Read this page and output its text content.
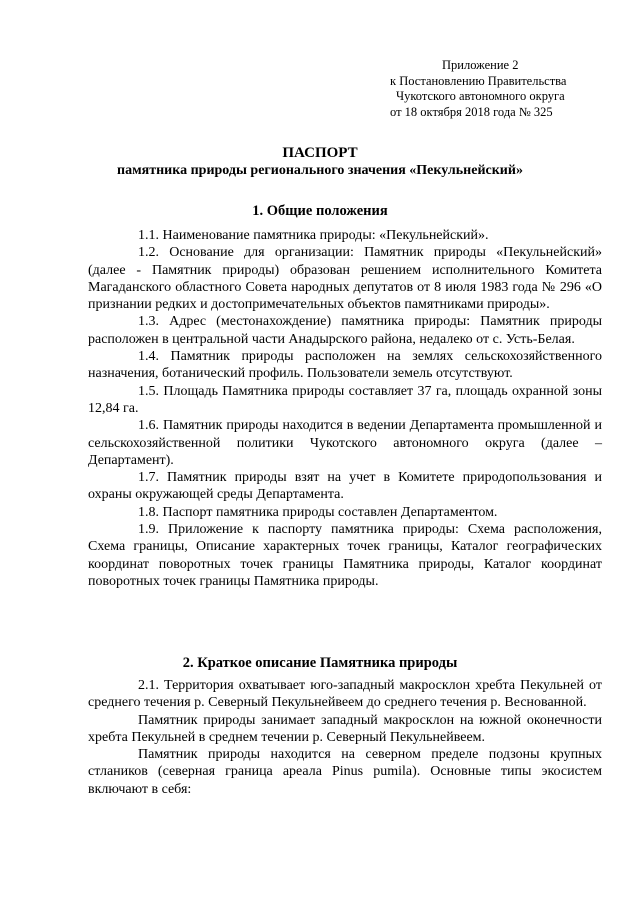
Приложение 2
к Постановлению Правительства
Чукотского автономного округа
от 18 октября 2018 года № 325
ПАСПОРТ
памятника природы регионального значения «Пекульнейский»
1. Общие положения

1.1. Наименование памятника природы: «Пекульнейский».

1.2. Основание для организации: Памятник природы «Пекульнейский» (далее - Памятник природы) образован решением исполнительного Комитета Магаданского областного Совета народных депутатов от 8 июля 1983 года № 296 «О признании редких и достопримечательных объектов памятниками природы».

1.3. Адрес (местонахождение) памятника природы: Памятник природы расположен в центральной части Анадырского района, недалеко от с. Усть-Белая.

1.4. Памятник природы расположен на землях сельскохозяйственного назначения, ботанический профиль. Пользователи земель отсутствуют.

1.5. Площадь Памятника природы составляет 37 га, площадь охранной зоны 12,84 га.

1.6. Памятник природы находится в ведении Департамента промышленной и сельскохозяйственной политики Чукотского автономного округа (далее – Департамент).

1.7. Памятник природы взят на учет в Комитете природопользования и охраны окружающей среды Департамента.

1.8. Паспорт памятника природы составлен Департаментом.

1.9. Приложение к паспорту памятника природы: Схема расположения, Схема границы, Описание характерных точек границы, Каталог географических координат поворотных точек границы Памятника природы, Каталог координат поворотных точек границы Памятника природы.

2. Краткое описание Памятника природы

2.1. Территория охватывает юго-западный макросклон хребта Пекульней от среднего течения р. Северный Пекульнейвеем до среднего течения р. Веснованной.

Памятник природы занимает западный макросклон на южной оконечности хребта Пекульней в среднем течении р. Северный Пекульнейвеем.

Памятник природы находится на северном пределе подзоны крупных стлаников (северная граница ареала Pinus pumila). Основные типы экосистем включают в себя:
